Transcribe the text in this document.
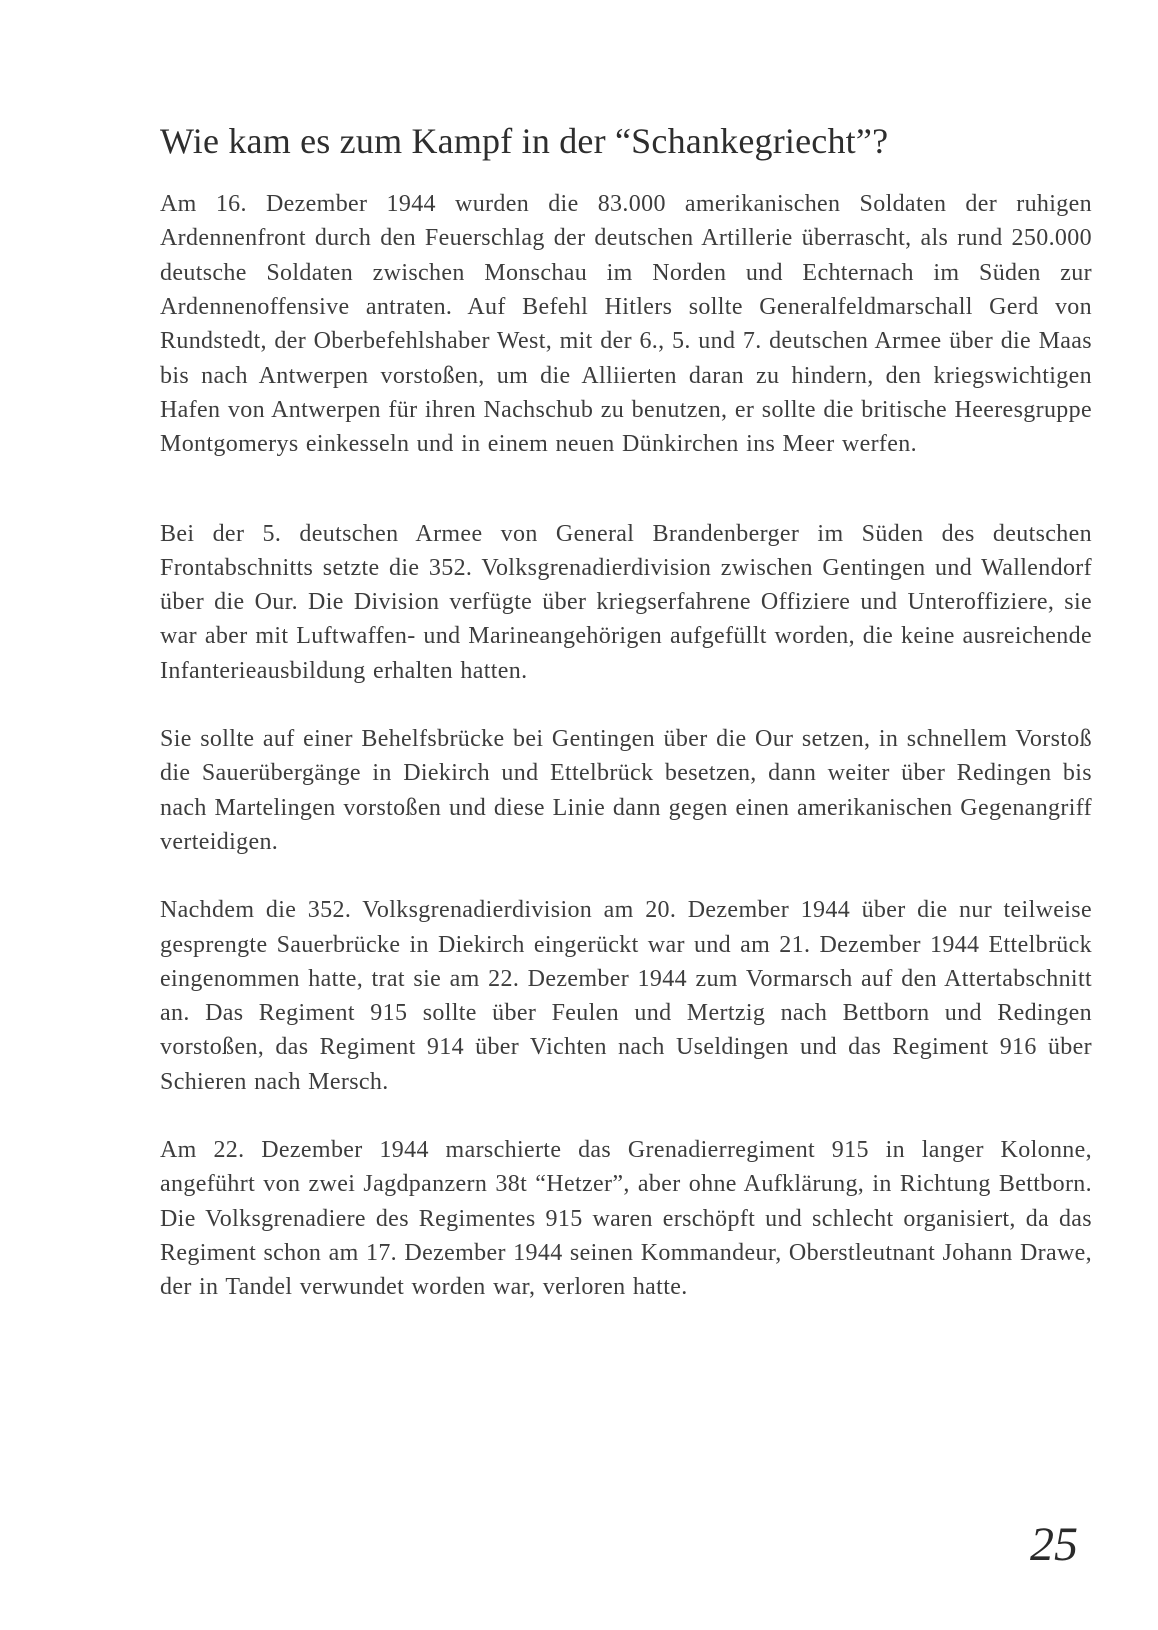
Wie kam es zum Kampf in der “Schankegriecht”?

Am 16. Dezember 1944 wurden die 83.000 amerikanischen Soldaten der ruhigen Ardennenfront durch den Feuerschlag der deutschen Artillerie überrascht, als rund 250.000 deutsche Soldaten zwischen Monschau im Norden und Echternach im Süden zur Ardennenoffensive antraten. Auf Befehl Hitlers sollte Generalfeldmarschall Gerd von Rundstedt, der Oberbefehlshaber West, mit der 6., 5. und 7. deutschen Armee über die Maas bis nach Antwerpen vorstoßen, um die Alliierten daran zu hindern, den kriegswichtigen Hafen von Antwerpen für ihren Nachschub zu benutzen, er sollte die britische Heeresgruppe Montgomerys einkesseln und in einem neuen Dünkirchen ins Meer werfen.

Bei der 5. deutschen Armee von General Brandenberger im Süden des deutschen Frontabschnitts setzte die 352. Volksgrenadierdivision zwischen Gentingen und Wallendorf über die Our. Die Division verfügte über kriegserfahrene Offiziere und Unteroffiziere, sie war aber mit Luftwaffen- und Marineangehörigen aufgefüllt worden, die keine ausreichende Infanterieausbildung erhalten hatten.

Sie sollte auf einer Behelfsbrücke bei Gentingen über die Our setzen, in schnellem Vorstoß die Sauerübergänge in Diekirch und Ettelbrück besetzen, dann weiter über Redingen bis nach Martelingen vorstoßen und diese Linie dann gegen einen amerikanischen Gegenangriff verteidigen.

Nachdem die 352. Volksgrenadierdivision am 20. Dezember 1944 über die nur teilweise gesprengte Sauerbrücke in Diekirch eingerückt war und am 21. Dezember 1944 Ettelbrück eingenommen hatte, trat sie am 22. Dezember 1944 zum Vormarsch auf den Attertabschnitt an. Das Regiment 915 sollte über Feulen und Mertzig nach Bettborn und Redingen vorstoßen, das Regiment 914 über Vichten nach Useldingen und das Regiment 916 über Schieren nach Mersch.

Am 22. Dezember 1944 marschierte das Grenadierregiment 915 in langer Kolonne, angeführt von zwei Jagdpanzern 38t “Hetzer”, aber ohne Aufklärung, in Richtung Bettborn. Die Volksgrenadiere des Regimentes 915 waren erschöpft und schlecht organisiert, da das Regiment schon am 17. Dezember 1944 seinen Kommandeur, Oberstleutnant Johann Drawe, der in Tandel verwundet worden war, verloren hatte.

25
